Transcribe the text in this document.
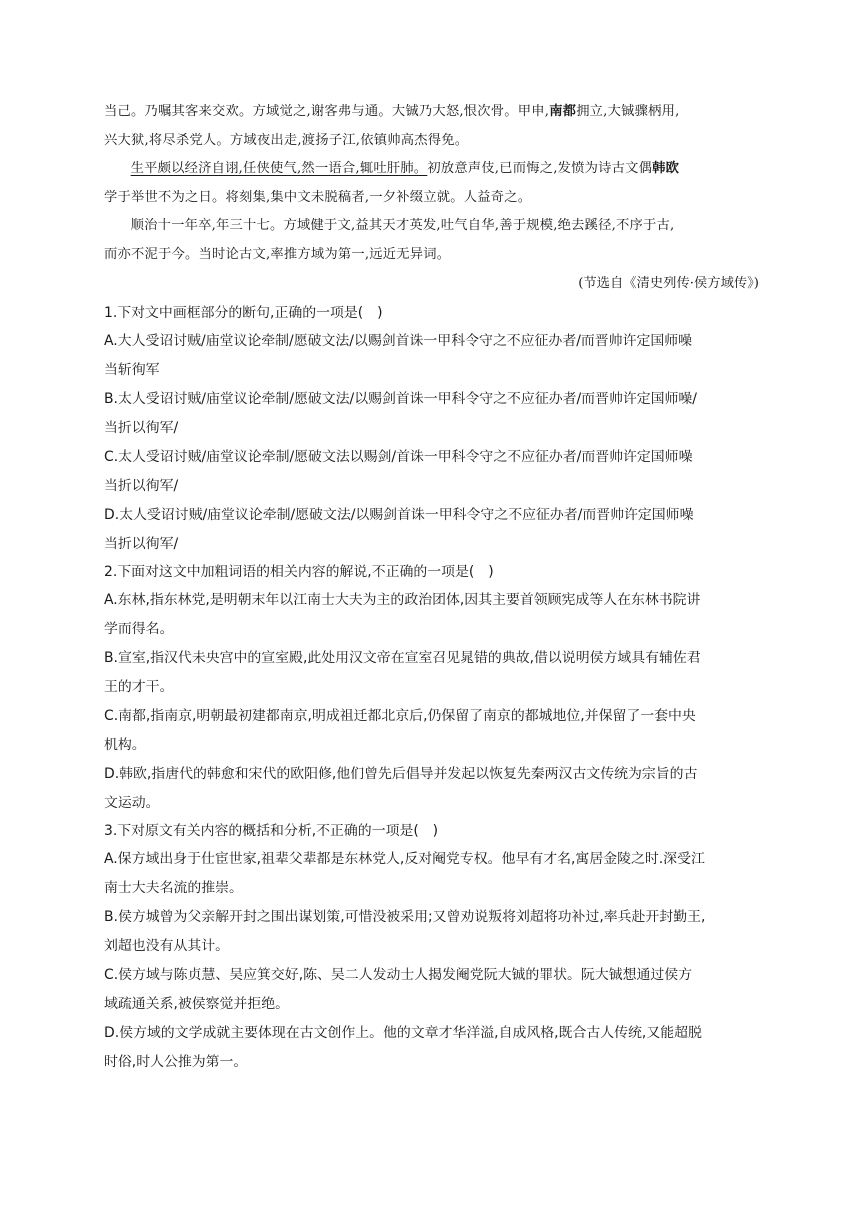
当己。乃嘱其客来交欢。方域觉之,谢客弗与通。大铖乃大怒,恨次骨。甲申,南都拥立,大铖骤柄用,
兴大狱,将尽杀党人。方域夜出走,渡扬子江,依镇帅高杰得免。

生平颇以经济自诩,任侠使气,然一语合,辄吐肝肺。初放意声伎,已而悔之,发愤为诗古文偶韩欧
学于举世不为之日。将刻集,集中文未脱稿者,一夕补缀立就。人益奇之。

顺治十一年卒,年三十七。方域健于文,益其天才英发,吐气自华,善于规模,绝去蹊径,不序于古,
而亦不泥于今。当时论古文,率推方域为第一,远近无异词。

(节选自《清史列传·侯方域传》)

1.下对文中画框部分的断句,正确的一项是(　)

A.大人受诏讨贼/庙堂议论牵制/愿破文法/以赐剑首诛一甲科令守之不应征办者/而晋帅许定国师噪
当斩徇军

B.太人受诏讨贼/庙堂议论牵制/愿破文法/以赐剑首诛一甲科令守之不应征办者/而晋帅许定国师噪/
当折以徇军/

C.太人受诏讨贼/庙堂议论牵制/愿破文法以赐剑/首诛一甲科令守之不应征办者/而晋帅许定国师噪
当折以徇军/

D.太人受诏讨贼/庙堂议论牵制/愿破文法/以赐剑首诛一甲科令守之不应征办者/而晋帅许定国师噪
当折以徇军/

2.下面对这文中加粗词语的相关内容的解说,不正确的一项是(　)

A.东林,指东林党,是明朝末年以江南士大夫为主的政治团体,因其主要首领顾宪成等人在东林书院讲
学而得名。

B.宣室,指汉代未央宫中的宣室殿,此处用汉文帝在宣室召见晁错的典故,借以说明侯方域具有辅佐君
王的才干。

C.南都,指南京,明朝最初建都南京,明成祖迁都北京后,仍保留了南京的都城地位,并保留了一套中央
机构。

D.韩欧,指唐代的韩愈和宋代的欧阳修,他们曾先后倡导并发起以恢复先秦两汉古文传统为宗旨的古
文运动。

3.下对原文有关内容的概括和分析,不正确的一项是(　)

A.保方域出身于仕宦世家,祖辈父辈都是东林党人,反对阉党专权。他早有才名,寓居金陵之时.深受江
南士大夫名流的推崇。

B.侯方城曾为父亲解开封之围出谋划策,可惜没被采用;又曾劝说叛将刘超将功补过,率兵赴开封勤王,
刘超也没有从其计。

C.侯方域与陈贞慧、吴应箕交好,陈、吴二人发动士人揭发阉党阮大铖的罪状。阮大铖想通过侯方
域疏通关系,被侯察觉并拒绝。

D.侯方域的文学成就主要体现在古文创作上。他的文章才华洋溢,自成风格,既合古人传统,又能超脱
时俗,时人公推为第一。
